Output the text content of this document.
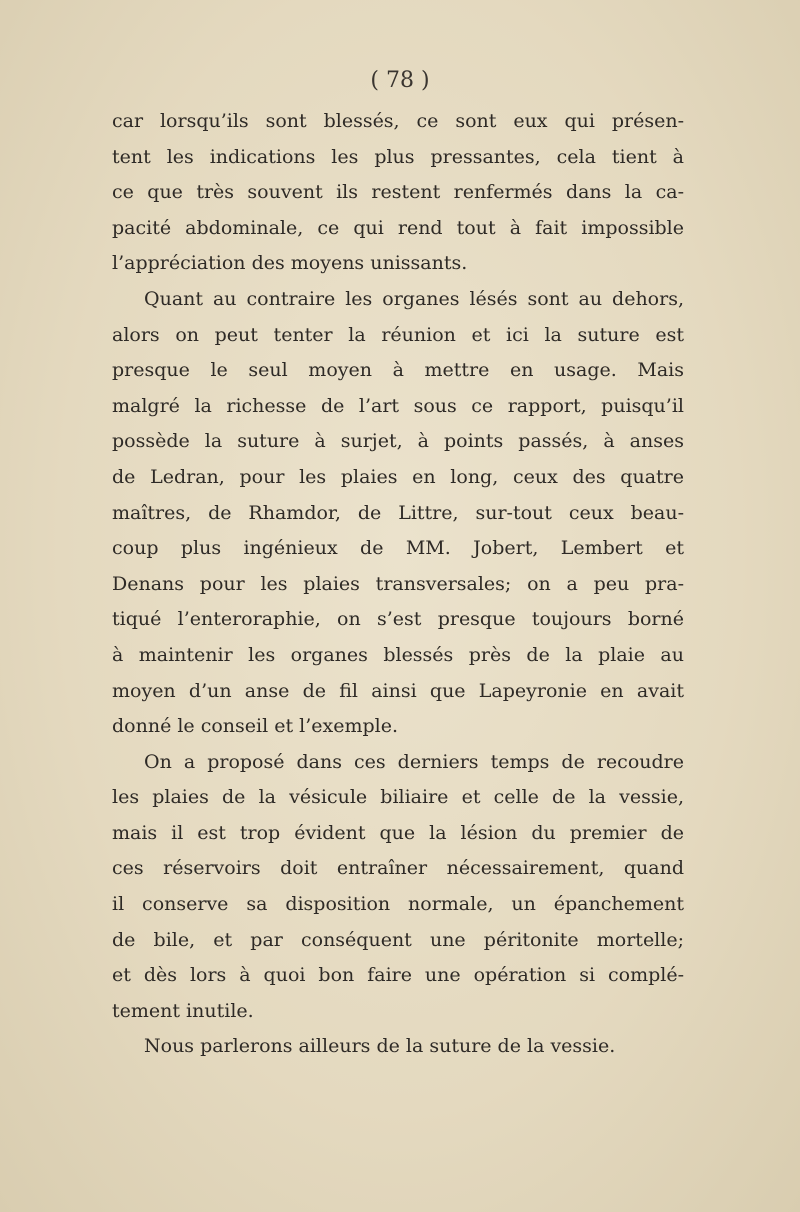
( 78 )
car lorsqu’ils sont blessés, ce sont eux qui présen-
tent les indications les plus pressantes, cela tient à
ce que très souvent ils restent renfermés dans la ca-
pacité abdominale, ce qui rend tout à fait impossible
l’appréciation des moyens unissants.
Quant au contraire les organes lésés sont au dehors,
alors on peut tenter la réunion et ici la suture est
presque le seul moyen à mettre en usage. Mais
malgré la richesse de l’art sous ce rapport, puisqu’il
possède la suture à surjet, à points passés, à anses
de Ledran, pour les plaies en long, ceux des quatre
maîtres, de Rhamdor, de Littre, sur-tout ceux beau-
coup plus ingénieux de MM. Jobert, Lembert et
Denans pour les plaies transversales; on a peu pra-
tiqué l’enteroraphie, on s’est presque toujours borné
à maintenir les organes blessés près de la plaie au
moyen d’un anse de fil ainsi que Lapeyronie en avait
donné le conseil et l’exemple.
On a proposé dans ces derniers temps de recoudre
les plaies de la vésicule biliaire et celle de la vessie,
mais il est trop évident que la lésion du premier de
ces réservoirs doit entraîner nécessairement, quand
il conserve sa disposition normale, un épanchement
de bile, et par conséquent une péritonite mortelle;
et dès lors à quoi bon faire une opération si complé-
tement inutile.
Nous parlerons ailleurs de la suture de la vessie.
